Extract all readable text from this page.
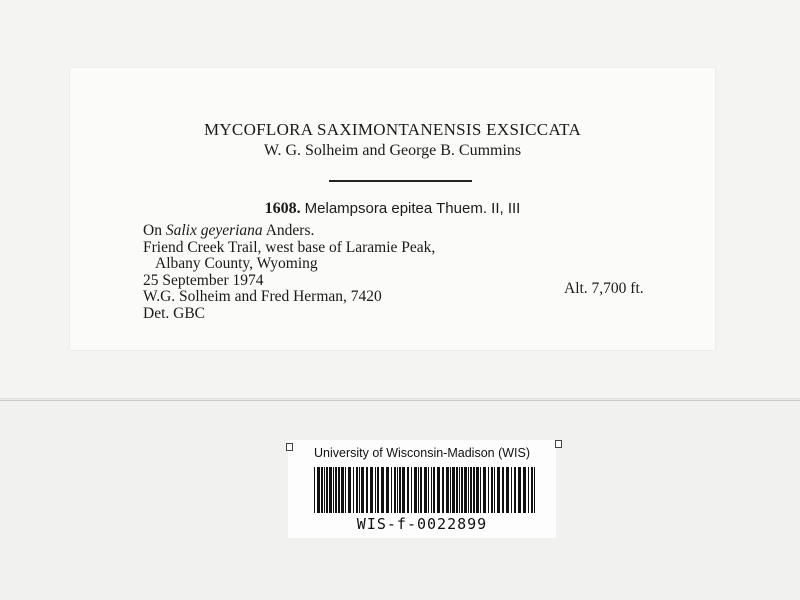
MYCOFLORA SAXIMONTANENSIS EXSICCATA
W. G. Solheim and George B. Cummins
1608. Melampsora epitea Thuem. II, III
On Salix geyeriana Anders.
Friend Creek Trail, west base of Laramie Peak,
Albany County, Wyoming
25 September 1974
W.G. Solheim and Fred Herman, 7420
Det. GBC
Alt. 7,700 ft.
University of Wisconsin-Madison (WIS)
WIS-f-0022899
